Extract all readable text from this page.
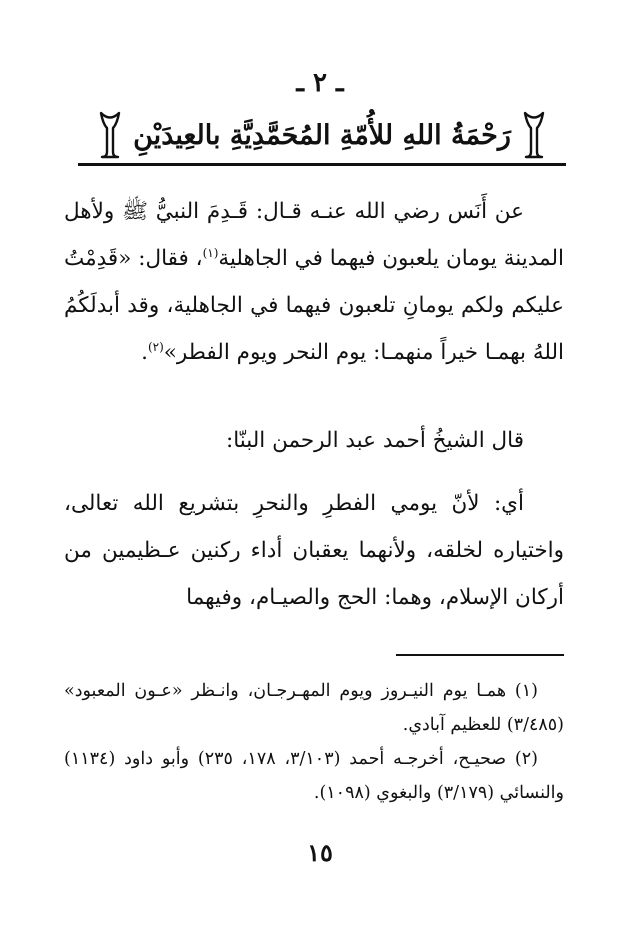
ـ ٢ ـ
رَحْمَةُ اللهِ للأُمّةِ المُحَمَّدِيَّةِ بالعِيدَيْنِ

عن أَنَس رضي الله عنـه قـال: قَـدِمَ النبيُّ ﷺ ولأهل المدينة يومان يلعبون فيهما في الجاهلية$^{(١)}$، فقال: «قَدِمْتُ عليكم ولكم يومانِ تلعبون فيهما في الجاهلية، وقد أبدلَكُمُ اللهُ بهمـا خيراً منهمـا: يوم النحر ويوم الفطر»$^{(٢)}$.

قال الشيخُ أحمد عبد الرحمن البنّا:

أي: لأنّ يومي الفطرِ والنحرِ بتشريع الله تعالى، واختياره لخلقه، ولأنهما يعقبان أداء ركنين عـظيمين من أركان الإسلام، وهما: الحج والصيـام، وفيهما

(١) همـا يوم النيـروز ويوم المهـرجـان، وانـظر «عـون المعبود» (٣/٤٨٥) للعظيم آبادي.

(٢) صحيـح، أخرجـه أحمد (٣/١٠٣، ١٧٨، ٢٣٥) وأبو داود (١١٣٤) والنسائي (٣/١٧٩) والبغوي (١٠٩٨).

١٥
